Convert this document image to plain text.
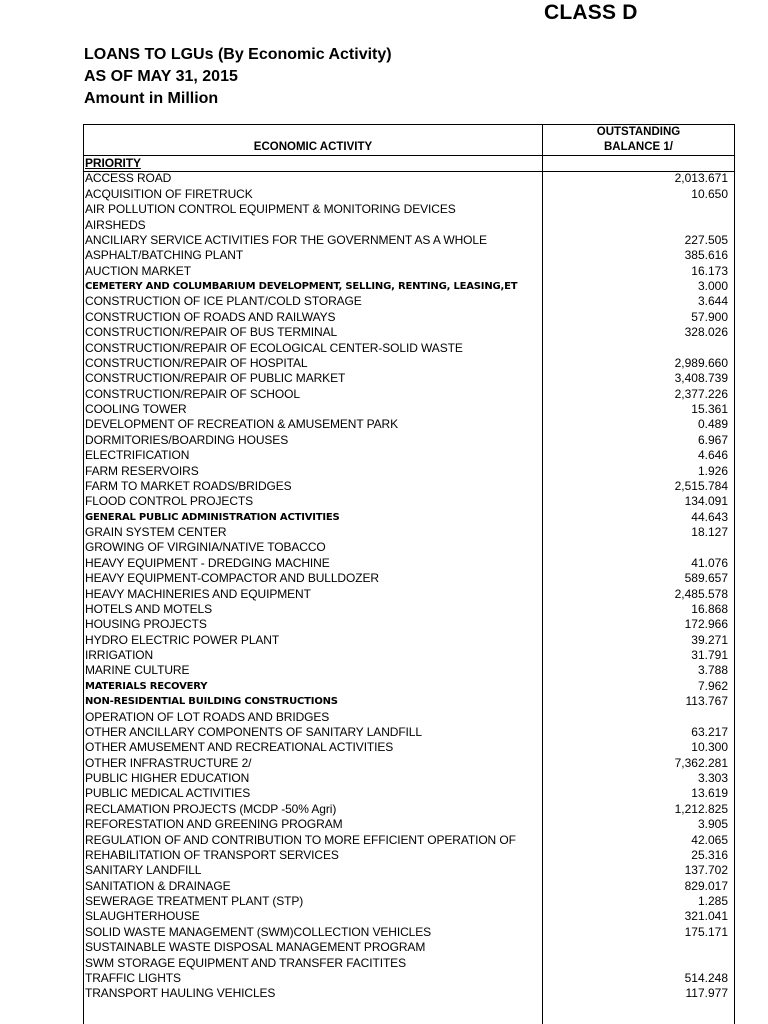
CLASS D
LOANS TO LGUs (By Economic Activity)
AS OF MAY 31, 2015
Amount in Million
ECONOMIC ACTIVITY
OUTSTANDING
BALANCE 1/
PRIORITY
ACCESS ROAD	2,013.671
ACQUISITION OF FIRETRUCK	10.650
AIR POLLUTION CONTROL EQUIPMENT & MONITORING DEVICES
AIRSHEDS
ANCILIARY SERVICE ACTIVITIES FOR THE GOVERNMENT AS A WHOLE	227.505
ASPHALT/BATCHING PLANT	385.616
AUCTION MARKET	16.173
CEMETERY AND COLUMBARIUM DEVELOPMENT, SELLING, RENTING, LEASING,ET	3.000
CONSTRUCTION OF ICE PLANT/COLD STORAGE	3.644
CONSTRUCTION OF ROADS AND RAILWAYS	57.900
CONSTRUCTION/REPAIR OF BUS TERMINAL	328.026
CONSTRUCTION/REPAIR OF ECOLOGICAL CENTER-SOLID WASTE
CONSTRUCTION/REPAIR OF HOSPITAL	2,989.660
CONSTRUCTION/REPAIR OF PUBLIC MARKET	3,408.739
CONSTRUCTION/REPAIR OF SCHOOL	2,377.226
COOLING TOWER	15.361
DEVELOPMENT OF RECREATION & AMUSEMENT PARK	0.489
DORMITORIES/BOARDING HOUSES	6.967
ELECTRIFICATION	4.646
FARM RESERVOIRS	1.926
FARM TO MARKET ROADS/BRIDGES	2,515.784
FLOOD CONTROL PROJECTS	134.091
GENERAL PUBLIC ADMINISTRATION ACTIVITIES	44.643
GRAIN SYSTEM CENTER	18.127
GROWING OF VIRGINIA/NATIVE TOBACCO
HEAVY EQUIPMENT - DREDGING MACHINE	41.076
HEAVY EQUIPMENT-COMPACTOR AND BULLDOZER	589.657
HEAVY MACHINERIES AND EQUIPMENT	2,485.578
HOTELS AND MOTELS	16.868
HOUSING PROJECTS	172.966
HYDRO ELECTRIC POWER PLANT	39.271
IRRIGATION	31.791
MARINE CULTURE	3.788
MATERIALS RECOVERY	7.962
NON-RESIDENTIAL BUILDING CONSTRUCTIONS	113.767
OPERATION OF LOT ROADS AND BRIDGES
OTHER ANCILLARY COMPONENTS OF SANITARY LANDFILL	63.217
OTHER AMUSEMENT AND RECREATIONAL ACTIVITIES	10.300
OTHER INFRASTRUCTURE 2/	7,362.281
PUBLIC HIGHER EDUCATION	3.303
PUBLIC MEDICAL ACTIVITIES	13.619
RECLAMATION PROJECTS (MCDP -50% Agri)	1,212.825
REFORESTATION AND GREENING PROGRAM	3.905
REGULATION OF AND CONTRIBUTION TO MORE EFFICIENT OPERATION OF	42.065
REHABILITATION OF TRANSPORT SERVICES	25.316
SANITARY LANDFILL	137.702
SANITATION & DRAINAGE	829.017
SEWERAGE TREATMENT PLANT (STP)	1.285
SLAUGHTERHOUSE	321.041
SOLID WASTE MANAGEMENT (SWM)COLLECTION VEHICLES	175.171
SUSTAINABLE WASTE DISPOSAL MANAGEMENT PROGRAM
SWM STORAGE EQUIPMENT AND TRANSFER FACITITES
TRAFFIC LIGHTS	514.248
TRANSPORT HAULING VEHICLES	117.977
